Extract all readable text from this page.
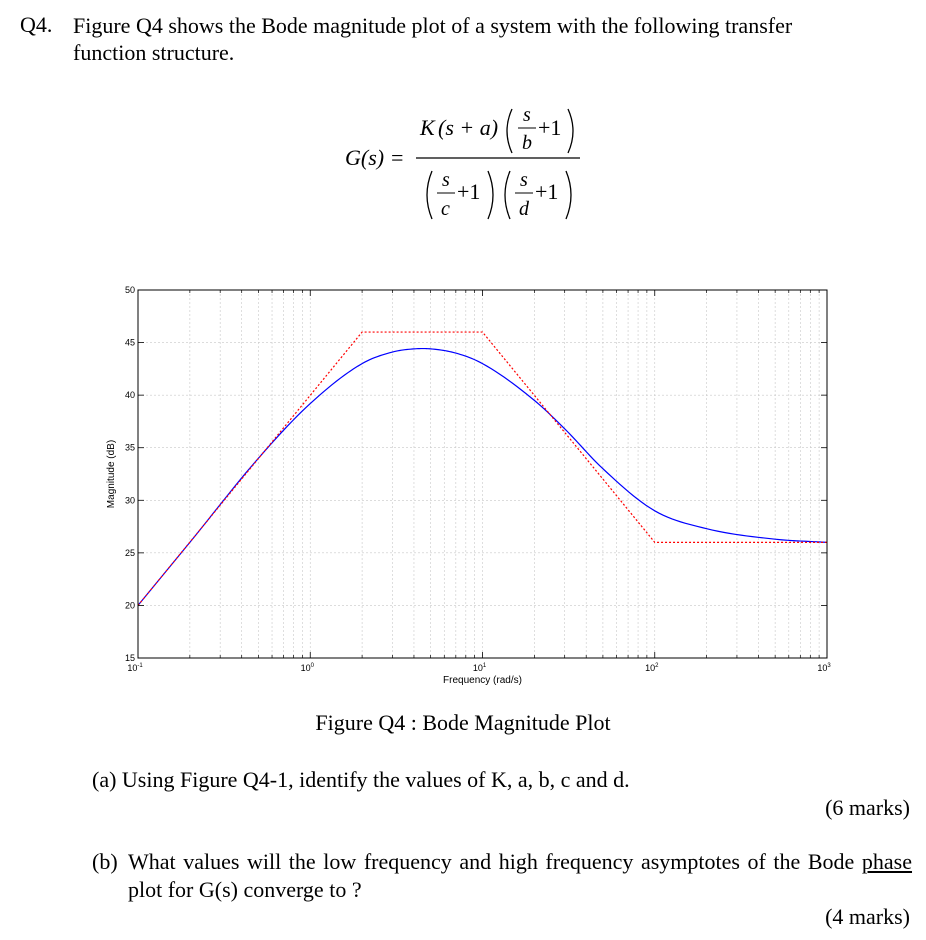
Q4. Figure Q4 shows the Bode magnitude plot of a system with the following transfer
function structure.
G(s) =
K (s + a) s
b
+1
s
c
+1 s
d
+1
$10^{-1}$	$10^0$	$10^1$	$10^2$	$10^3$
15
20
25
30
35
40
45
50
Frequency (rad/s)
Magnitude (dB)
Figure Q4 : Bode Magnitude Plot
(a) Using Figure Q4-1, identify the values of K, a, b, c and d.
(6 marks)
(b) What values will the low frequency and high frequency asymptotes of the Bode phase plot for G(s) converge to ?
(4 marks)
